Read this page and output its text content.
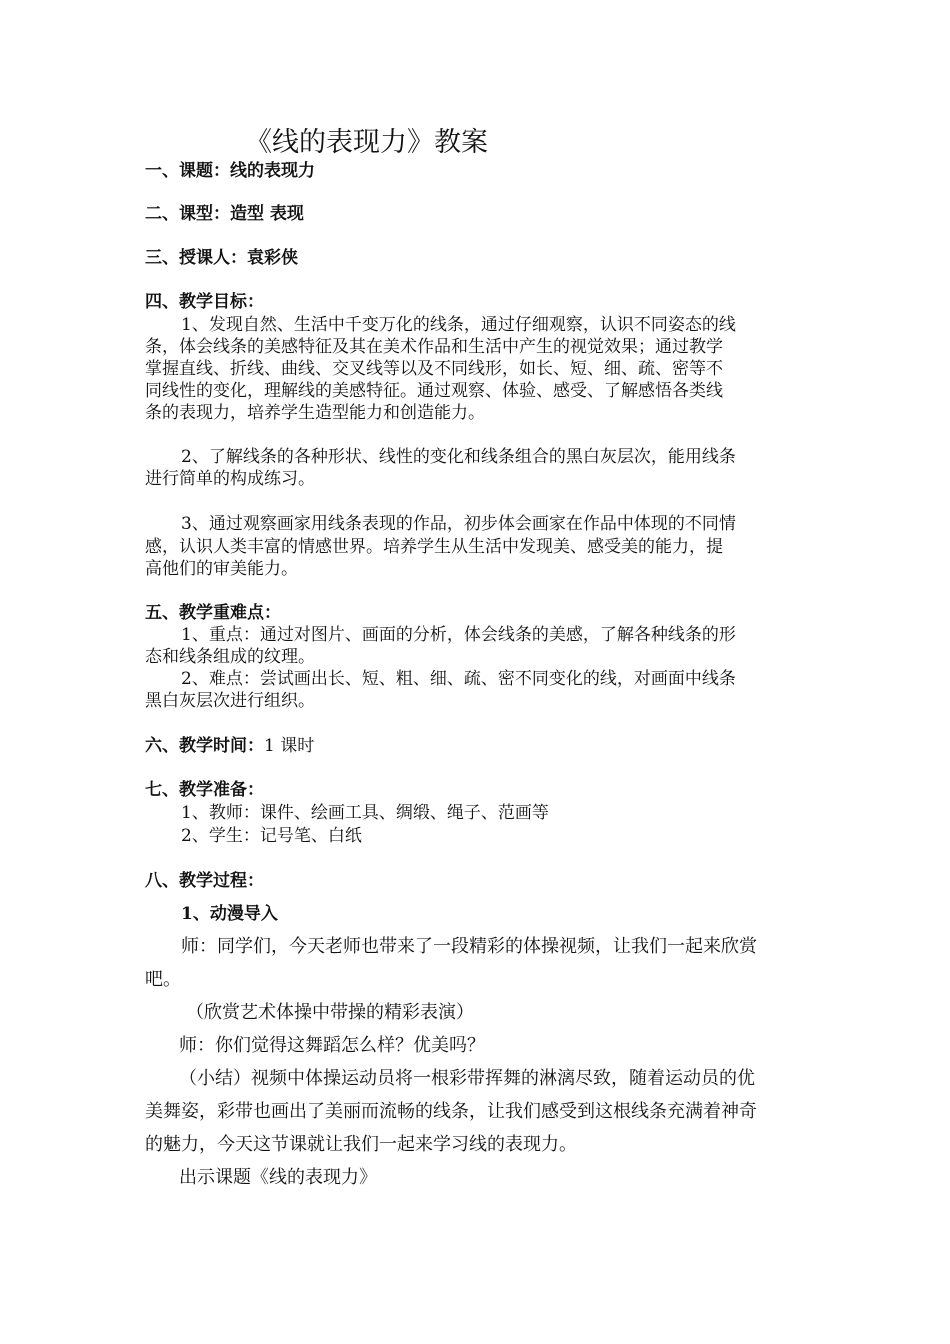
《线的表现力》教案
一、课题：线的表现力
二、课型：造型 表现
三、授课人：袁彩侠
四、教学目标：
1、发现自然、生活中千变万化的线条，通过仔细观察，认识不同姿态的线
条，体会线条的美感特征及其在美术作品和生活中产生的视觉效果；通过教学
掌握直线、折线、曲线、交叉线等以及不同线形，如长、短、细、疏、密等不
同线性的变化，理解线的美感特征。通过观察、体验、感受、了解感悟各类线
条的表现力，培养学生造型能力和创造能力。
2、了解线条的各种形状、线性的变化和线条组合的黑白灰层次，能用线条
进行简单的构成练习。
3、通过观察画家用线条表现的作品，初步体会画家在作品中体现的不同情
感，认识人类丰富的情感世界。培养学生从生活中发现美、感受美的能力，提
高他们的审美能力。
五、教学重难点：
1、重点：通过对图片、画面的分析，体会线条的美感，了解各种线条的形
态和线条组成的纹理。
2、难点：尝试画出长、短、粗、细、疏、密不同变化的线，对画面中线条
黑白灰层次进行组织。
六、教学时间：1 课时
七、教学准备：
1、教师：课件、绘画工具、绸缎、绳子、范画等
2、学生：记号笔、白纸
八、教学过程：
1、动漫导入
师：同学们，今天老师也带来了一段精彩的体操视频，让我们一起来欣赏
吧。
（欣赏艺术体操中带操的精彩表演）
师：你们觉得这舞蹈怎么样？优美吗？
（小结）视频中体操运动员将一根彩带挥舞的淋漓尽致，随着运动员的优
美舞姿，彩带也画出了美丽而流畅的线条，让我们感受到这根线条充满着神奇
的魅力，今天这节课就让我们一起来学习线的表现力。
出示课题《线的表现力》
